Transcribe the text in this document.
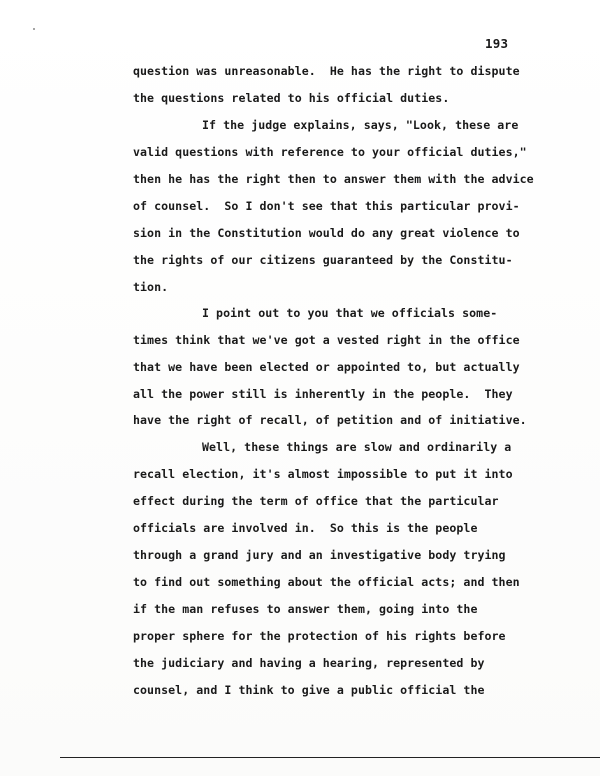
193
question was unreasonable.  He has the right to dispute
the questions related to his official duties.
If the judge explains, says, "Look, these are
valid questions with reference to your official duties,"
then he has the right then to answer them with the advice
of counsel.  So I don't see that this particular provi-
sion in the Constitution would do any great violence to
the rights of our citizens guaranteed by the Constitu-
tion.
I point out to you that we officials some-
times think that we've got a vested right in the office
that we have been elected or appointed to, but actually
all the power still is inherently in the people.  They
have the right of recall, of petition and of initiative.
Well, these things are slow and ordinarily a
recall election, it's almost impossible to put it into
effect during the term of office that the particular
officials are involved in.  So this is the people
through a grand jury and an investigative body trying
to find out something about the official acts; and then
if the man refuses to answer them, going into the
proper sphere for the protection of his rights before
the judiciary and having a hearing, represented by
counsel, and I think to give a public official the
